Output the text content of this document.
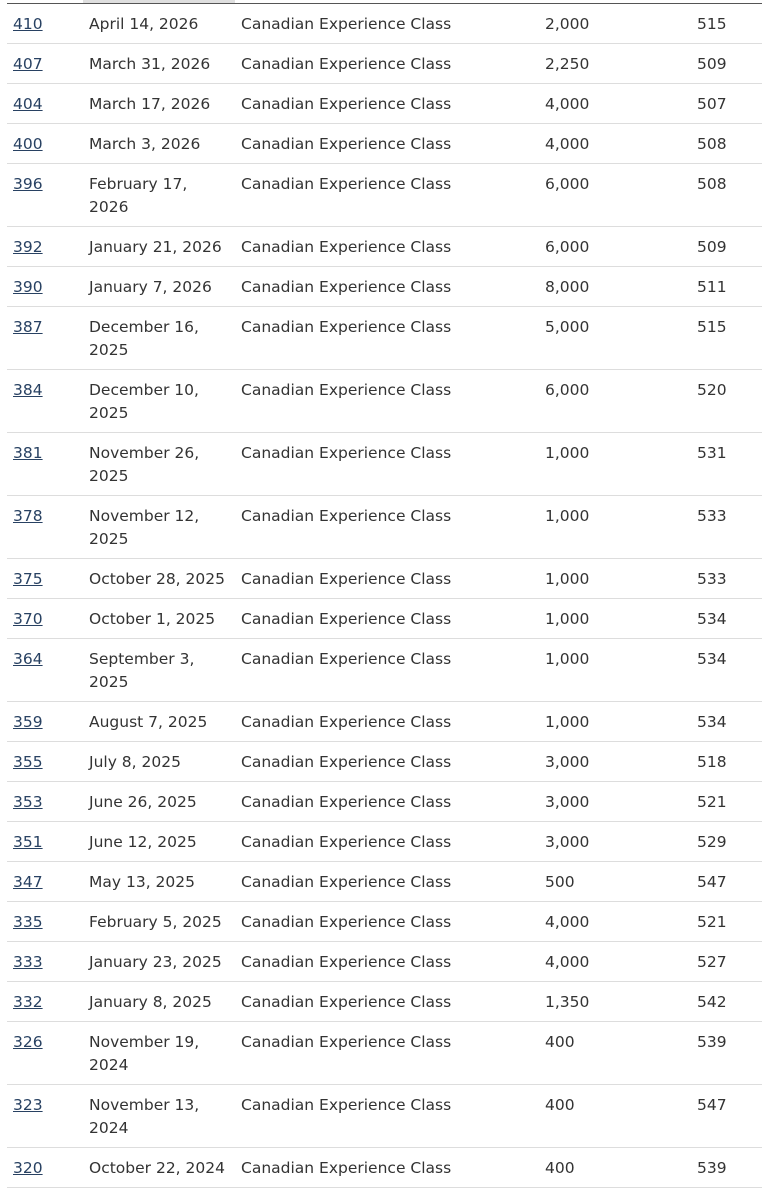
410	April 14, 2026	Canadian Experience Class	2,000	515
407	March 31, 2026	Canadian Experience Class	2,250	509
404	March 17, 2026	Canadian Experience Class	4,000	507
400	March 3, 2026	Canadian Experience Class	4,000	508
396	February 17, 2026	Canadian Experience Class	6,000	508
392	January 21, 2026	Canadian Experience Class	6,000	509
390	January 7, 2026	Canadian Experience Class	8,000	511
387	December 16, 2025	Canadian Experience Class	5,000	515
384	December 10, 2025	Canadian Experience Class	6,000	520
381	November 26, 2025	Canadian Experience Class	1,000	531
378	November 12, 2025	Canadian Experience Class	1,000	533
375	October 28, 2025	Canadian Experience Class	1,000	533
370	October 1, 2025	Canadian Experience Class	1,000	534
364	September 3, 2025	Canadian Experience Class	1,000	534
359	August 7, 2025	Canadian Experience Class	1,000	534
355	July 8, 2025	Canadian Experience Class	3,000	518
353	June 26, 2025	Canadian Experience Class	3,000	521
351	June 12, 2025	Canadian Experience Class	3,000	529
347	May 13, 2025	Canadian Experience Class	500	547
335	February 5, 2025	Canadian Experience Class	4,000	521
333	January 23, 2025	Canadian Experience Class	4,000	527
332	January 8, 2025	Canadian Experience Class	1,350	542
326	November 19, 2024	Canadian Experience Class	400	539
323	November 13, 2024	Canadian Experience Class	400	547
320	October 22, 2024	Canadian Experience Class	400	539
